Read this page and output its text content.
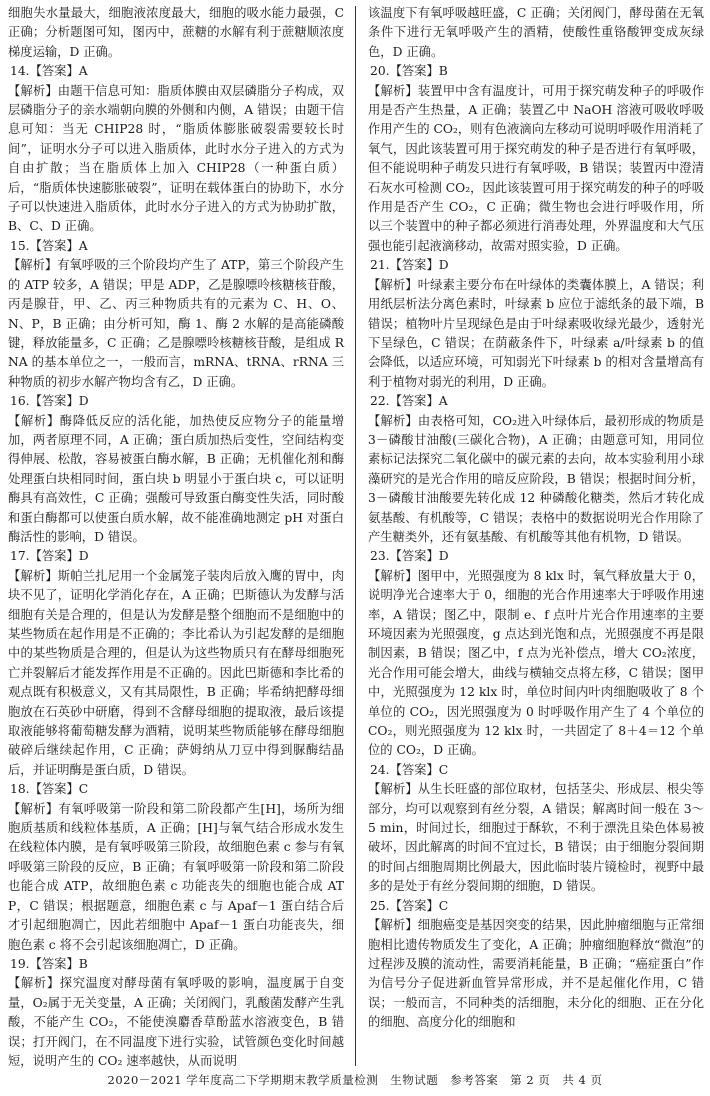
细胞失水量最大，细胞液浓度最大，细胞的吸水能力最强，C 正确；分析题图可知，图丙中，蔗糖的水解有利于蔗糖顺浓度梯度运输，D 正确。

14.【答案】A

【解析】由题干信息可知：脂质体膜由双层磷脂分子构成，双层磷脂分子的亲水端朝向膜的外侧和内侧，A 错误；由题干信息可知：当无 CHIP28 时，“脂质体膨胀破裂需要较长时间”，证明水分子可以进入脂质体，此时水分子进入的方式为自由扩散；当在脂质体上加入 CHIP28（一种蛋白质）后，“脂质体快速膨胀破裂”，证明在载体蛋白的协助下，水分子可以快速进入脂质体，此时水分子进入的方式为协助扩散，B、C、D 正确。

15.【答案】A

【解析】有氧呼吸的三个阶段均产生了 ATP，第三个阶段产生的 ATP 较多，A 错误；甲是 ADP，乙是腺嘌呤核糖核苷酸，丙是腺苷，甲、乙、丙三种物质共有的元素为 C、H、O、N、P，B 正确；由分析可知，酶 1、酶 2 水解的是高能磷酸键，释放能量多，C 正确；乙是腺嘌呤核糖核苷酸，是组成 RNA 的基本单位之一，一般而言，mRNA、tRNA、rRNA 三种物质的初步水解产物均含有乙，D 正确。

16.【答案】D

【解析】酶降低反应的活化能，加热使反应物分子的能量增加，两者原理不同，A 正确；蛋白质加热后变性，空间结构变得伸展、松散，容易被蛋白酶水解，B 正确；无机催化剂和酶处理蛋白块相同时间，蛋白块 b 明显小于蛋白块 c，可以证明酶具有高效性，C 正确；强酸可导致蛋白酶变性失活，同时酸和蛋白酶都可以使蛋白质水解，故不能准确地测定 pH 对蛋白酶活性的影响，D 错误。

17.【答案】D

【解析】斯帕兰扎尼用一个金属笼子装肉后放入鹰的胃中，肉块不见了，证明化学消化存在，A 正确；巴斯德认为发酵与活细胞有关是合理的，但是认为发酵是整个细胞而不是细胞中的某些物质在起作用是不正确的；李比希认为引起发酵的是细胞中的某些物质是合理的，但是认为这些物质只有在酵母细胞死亡并裂解后才能发挥作用是不正确的。因此巴斯德和李比希的观点既有积极意义，又有其局限性，B 正确；毕希纳把酵母细胞放在石英砂中研磨，得到不含酵母细胞的提取液，最后该提取液能够将葡萄糖发酵为酒精，说明某些物质能够在酵母细胞破碎后继续起作用，C 正确；萨姆纳从刀豆中得到脲酶结晶后，并证明酶是蛋白质，D 错误。

18.【答案】C

【解析】有氧呼吸第一阶段和第二阶段都产生[H]，场所为细胞质基质和线粒体基质，A 正确；[H]与氧气结合形成水发生在线粒体内膜，是有氧呼吸第三阶段，故细胞色素 c 参与有氧呼吸第三阶段的反应，B 正确；有氧呼吸第一阶段和第二阶段也能合成 ATP，故细胞色素 c 功能丧失的细胞也能合成 ATP，C 错误；根据题意，细胞色素 c 与 Apaf－1 蛋白结合后才引起细胞凋亡，因此若细胞中 Apaf－1 蛋白功能丧失，细胞色素 c 将不会引起该细胞凋亡，D 正确。

19.【答案】B

【解析】探究温度对酵母菌有氧呼吸的影响，温度属于自变量，O₂属于无关变量，A 正确；关闭阀门，乳酸菌发酵产生乳酸，不能产生 CO₂，不能使溴麝香草酚蓝水溶液变色，B 错误；打开阀门，在不同温度下进行实验，试管颜色变化时间越短，说明产生的 CO₂ 速率越快，从而说明

该温度下有氧呼吸越旺盛，C 正确；关闭阀门，酵母菌在无氧条件下进行无氧呼吸产生的酒精，使酸性重铬酸钾变成灰绿色，D 正确。

20.【答案】B

【解析】装置甲中含有温度计，可用于探究萌发种子的呼吸作用是否产生热量，A 正确；装置乙中 NaOH 溶液可吸收呼吸作用产生的 CO₂，则有色液滴向左移动可说明呼吸作用消耗了氧气，因此该装置可用于探究萌发的种子是否进行有氧呼吸，但不能说明种子萌发只进行有氧呼吸，B 错误；装置丙中澄清石灰水可检测 CO₂，因此该装置可用于探究萌发的种子的呼吸作用是否产生 CO₂，C 正确；微生物也会进行呼吸作用，所以三个装置中的种子都必须进行消毒处理，外界温度和大气压强也能引起液滴移动，故需对照实验，D 正确。

21.【答案】D

【解析】叶绿素主要分布在叶绿体的类囊体膜上，A 错误；利用纸层析法分离色素时，叶绿素 b 应位于滤纸条的最下端，B 错误；植物叶片呈现绿色是由于叶绿素吸收绿光最少，透射光下呈绿色，C 错误；在荫蔽条件下，叶绿素 a/叶绿素 b 的值会降低，以适应环境，可知弱光下叶绿素 b 的相对含量增高有利于植物对弱光的利用，D 正确。

22.【答案】A

【解析】由表格可知，CO₂进入叶绿体后，最初形成的物质是 3－磷酸甘油酸(三碳化合物)，A 正确；由题意可知，用同位素标记法探究二氧化碳中的碳元素的去向，故本实验利用小球藻研究的是光合作用的暗反应阶段，B 错误；根据时间分析，3－磷酸甘油酸要先转化成 12 种磷酸化糖类，然后才转化成氨基酸、有机酸等，C 错误；表格中的数据说明光合作用除了产生糖类外，还有氨基酸、有机酸等其他有机物，D 错误。

23.【答案】D

【解析】图甲中，光照强度为 8 klx 时，氧气释放量大于 0，说明净光合速率大于 0，细胞的光合作用速率大于呼吸作用速率，A 错误；图乙中，限制 e、f 点叶片光合作用速率的主要环境因素为光照强度，g 点达到光饱和点，光照强度不再是限制因素，B 错误；图乙中，f 点为光补偿点，增大 CO₂浓度，光合作用可能会增大，曲线与横轴交点将左移，C 错误；图甲中，光照强度为 12 klx 时，单位时间内叶肉细胞吸收了 8 个单位的 CO₂，因光照强度为 0 时呼吸作用产生了 4 个单位的 CO₂，则光照强度为 12 klx 时，一共固定了 8＋4＝12 个单位的 CO₂，D 正确。

24.【答案】C

【解析】从生长旺盛的部位取材，包括茎尖、形成层、根尖等部分，均可以观察到有丝分裂，A 错误；解离时间一般在 3～5 min，时间过长，细胞过于酥软，不利于漂洗且染色体易被破坏，因此解离的时间不宜过长，B 错误；由于细胞分裂间期的时间占细胞周期比例最大，因此临时装片镜检时，视野中最多的是处于有丝分裂间期的细胞，D 错误。

25.【答案】C

【解析】细胞癌变是基因突变的结果，因此肿瘤细胞与正常细胞相比遗传物质发生了变化，A 正确；肿瘤细胞释放“微泡”的过程涉及膜的流动性，需要消耗能量，B 正确；“癌症蛋白”作为信号分子促进新血管异常形成，并不是起催化作用，C 错误；一般而言，不同种类的活细胞，未分化的细胞、正在分化的细胞、高度分化的细胞和

2020－2021 学年度高二下学期期末教学质量检测　生物试题　参考答案　第 2 页　共 4 页
